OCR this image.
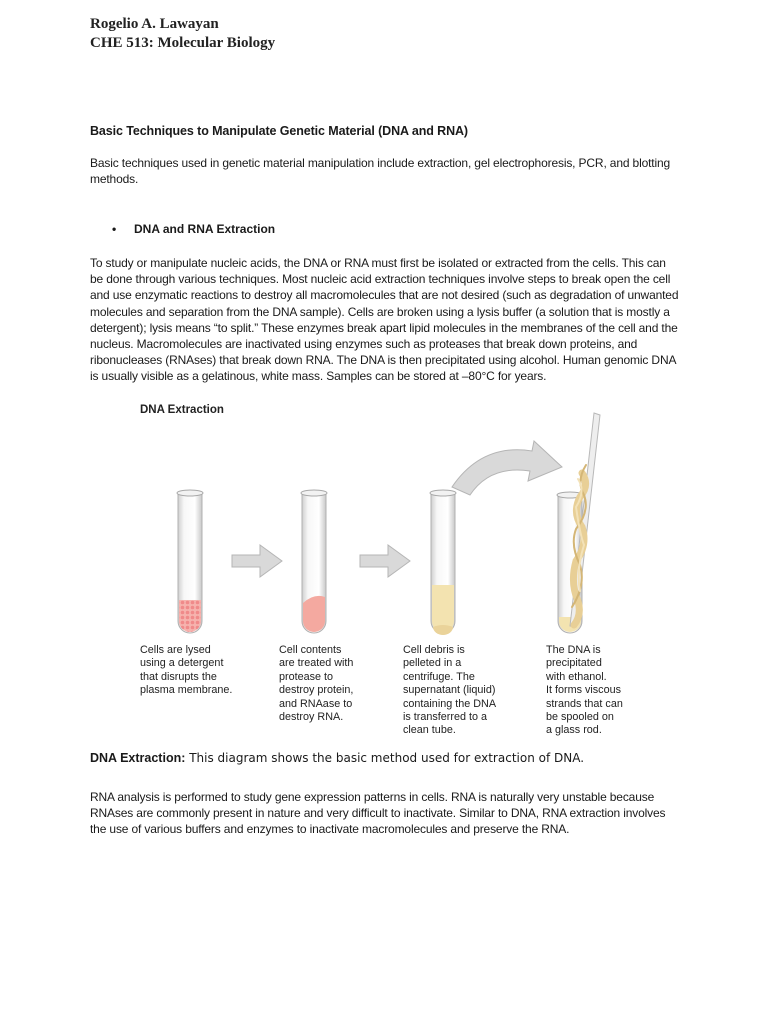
Rogelio A. Lawayan
CHE 513: Molecular Biology
Basic Techniques to Manipulate Genetic Material (DNA and RNA)
Basic techniques used in genetic material manipulation include extraction, gel electrophoresis, PCR, and blotting methods.
• DNA and RNA Extraction
To study or manipulate nucleic acids, the DNA or RNA must first be isolated or extracted from the cells. This can be done through various techniques. Most nucleic acid extraction techniques involve steps to break open the cell and use enzymatic reactions to destroy all macromolecules that are not desired (such as degradation of unwanted molecules and separation from the DNA sample). Cells are broken using a lysis buffer (a solution that is mostly a detergent); lysis means “to split.” These enzymes break apart lipid molecules in the membranes of the cell and the nucleus. Macromolecules are inactivated using enzymes such as proteases that break down proteins, and ribonucleases (RNAses) that break down RNA. The DNA is then precipitated using alcohol. Human genomic DNA is usually visible as a gelatinous, white mass. Samples can be stored at –80°C for years.
DNA Extraction
Cells are lysed
using a detergent
that disrupts the
plasma membrane.
Cell contents
are treated with
protease to
destroy protein,
and RNAase to
destroy RNA.
Cell debris is
pelleted in a
centrifuge. The
supernatant (liquid)
containing the DNA
is transferred to a
clean tube.
The DNA is
precipitated
with ethanol.
It forms viscous
strands that can
be spooled on
a glass rod.
DNA Extraction: This diagram shows the basic method used for extraction of DNA.
RNA analysis is performed to study gene expression patterns in cells. RNA is naturally very unstable because RNAses are commonly present in nature and very difficult to inactivate. Similar to DNA, RNA extraction involves the use of various buffers and enzymes to inactivate macromolecules and preserve the RNA.
